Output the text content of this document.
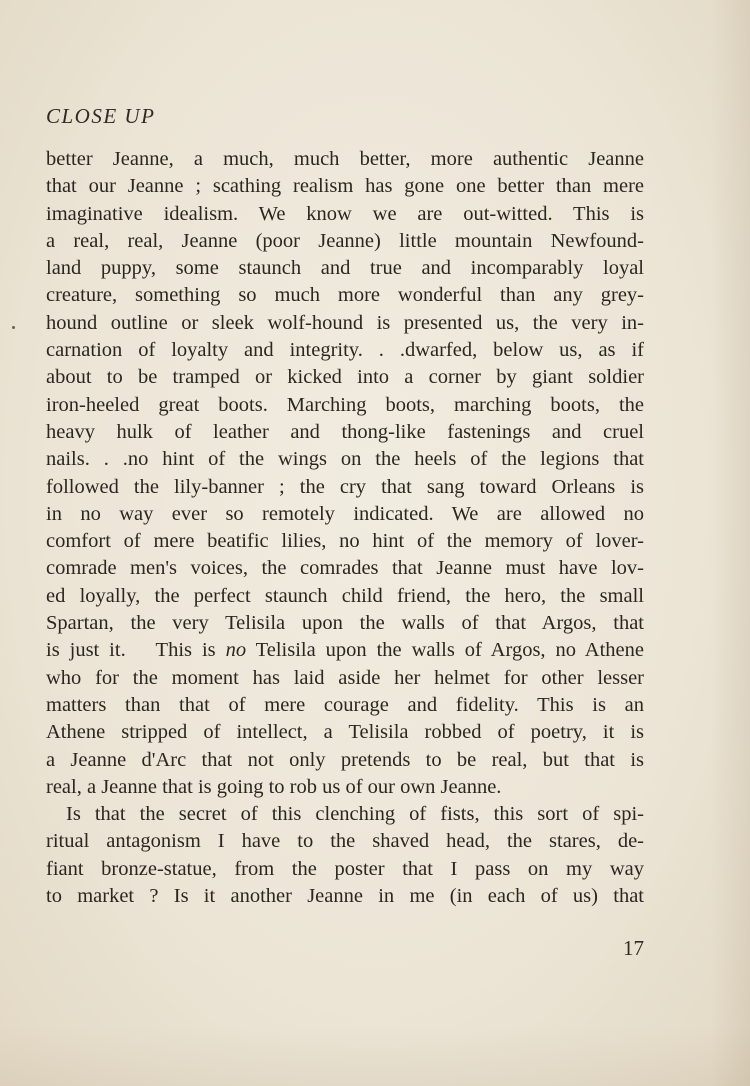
CLOSE UP
better Jeanne, a much, much better, more authentic Jeanne
that our Jeanne ; scathing realism has gone one better than mere
imaginative idealism. We know we are out-witted. This is
a real, real, Jeanne (poor Jeanne) little mountain Newfound-
land puppy, some staunch and true and incomparably loyal
creature, something so much more wonderful than any grey-
hound outline or sleek wolf-hound is presented us, the very in-
carnation of loyalty and integrity. . .dwarfed, below us, as if
about to be tramped or kicked into a corner by giant soldier
iron-heeled great boots. Marching boots, marching boots, the
heavy hulk of leather and thong-like fastenings and cruel
nails. . .no hint of the wings on the heels of the legions that
followed the lily-banner ; the cry that sang toward Orleans is
in no way ever so remotely indicated. We are allowed no
comfort of mere beatific lilies, no hint of the memory of lover-
comrade men's voices, the comrades that Jeanne must have lov-
ed loyally, the perfect staunch child friend, the hero, the small
Spartan, the very Telisila upon the walls of that Argos, that
is just it. This is no Telisila upon the walls of Argos, no Athene
who for the moment has laid aside her helmet for other lesser
matters than that of mere courage and fidelity. This is an
Athene stripped of intellect, a Telisila robbed of poetry, it is
a Jeanne d'Arc that not only pretends to be real, but that is
real, a Jeanne that is going to rob us of our own Jeanne.
Is that the secret of this clenching of fists, this sort of spi-
ritual antagonism I have to the shaved head, the stares, de-
fiant bronze-statue, from the poster that I pass on my way
to market ? Is it another Jeanne in me (in each of us) that
17
